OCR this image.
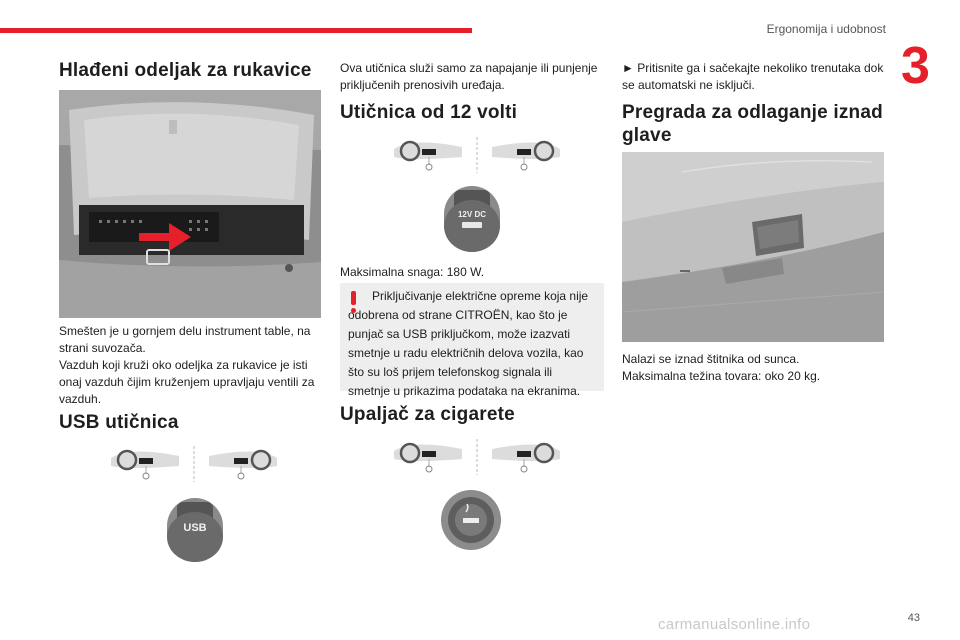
Ergonomija i udobnost
3
Hlađeni odeljak za rukavice

Smešten je u gornjem delu instrument table, na strani suvozača.

Vazduh koji kruži oko odeljka za rukavice je isti onaj vazduh čijim kruženjem upravljaju ventili za vazduh.

USB utičnica
USB

Ova utičnica služi samo za napajanje ili punjenje priključenih prenosivih uređaja.

Utičnica od 12 volti
12V DC

Maksimalna snaga: 180 W.

Priključivanje električne opreme koja nije odobrena od strane CITROËN, kao što je punjač sa USB priključkom, može izazvati smetnje u radu električnih delova vozila, kao što su loš prijem telefonskog signala ili smetnje u prikazima podataka na ekranima.
Upaljač za cigarete

► Pritisnite ga i sačekajte nekoliko trenutaka dok se automatski ne isključi.

Pregrada za odlaganje iznad glave

Nalazi se iznad štitnika od sunca.

Maksimalna težina tovara: oko 20 kg.

carmanualsonline.info	43
